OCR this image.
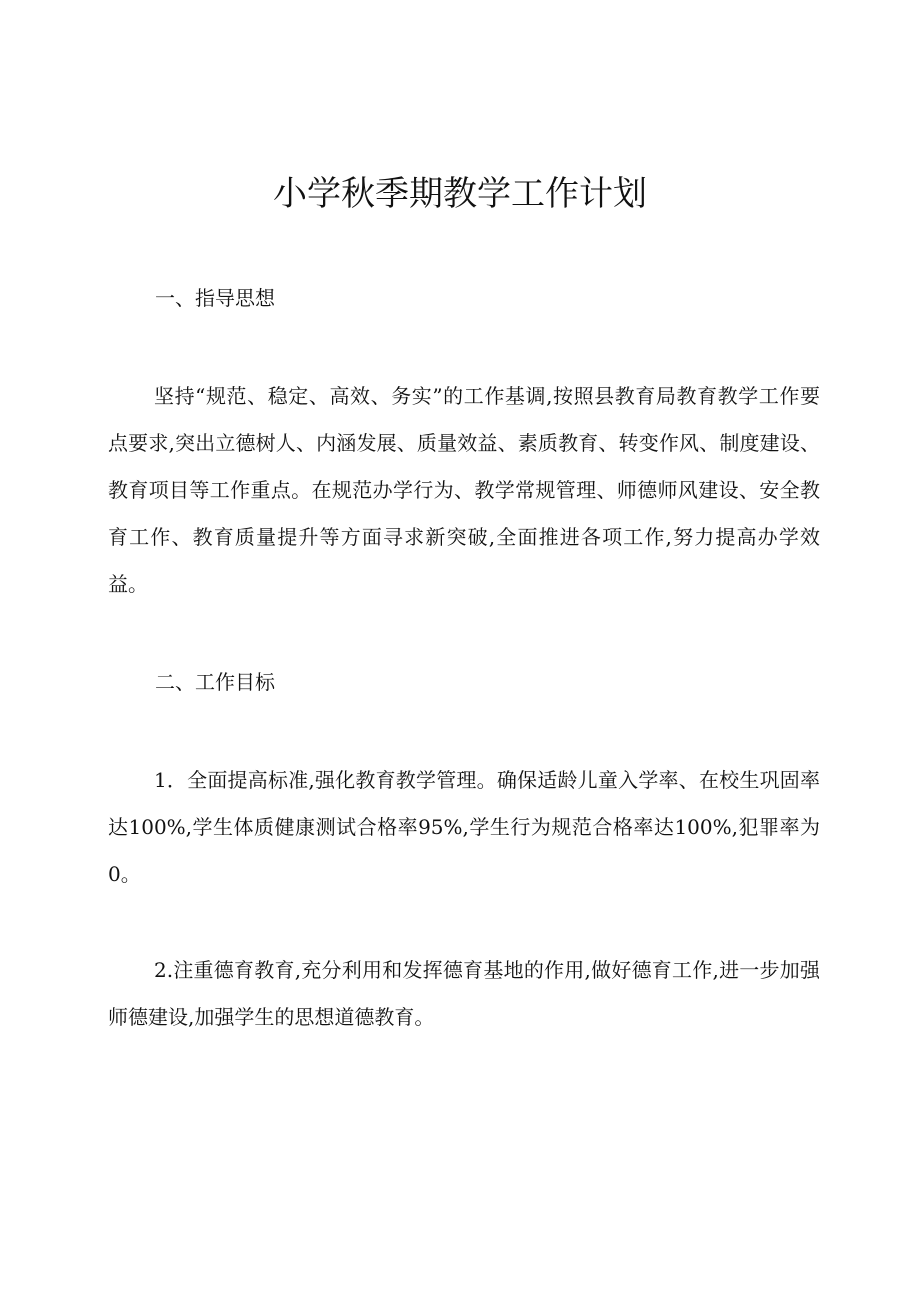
小学秋季期教学工作计划
一、指导思想

坚持“规范、稳定、高效、务实”的工作基调,按照县教育局教育教学工作要点要求,突出立德树人、内涵发展、质量效益、素质教育、转变作风、制度建设、教育项目等工作重点。在规范办学行为、教学常规管理、师德师风建设、安全教育工作、教育质量提升等方面寻求新突破,全面推进各项工作,努力提高办学效益。

二、工作目标

1．全面提高标准,强化教育教学管理。确保适龄儿童入学率、在校生巩固率达100%,学生体质健康测试合格率95%,学生行为规范合格率达100%,犯罪率为0。

2.注重德育教育,充分利用和发挥德育基地的作用,做好德育工作,进一步加强师德建设,加强学生的思想道德教育。
